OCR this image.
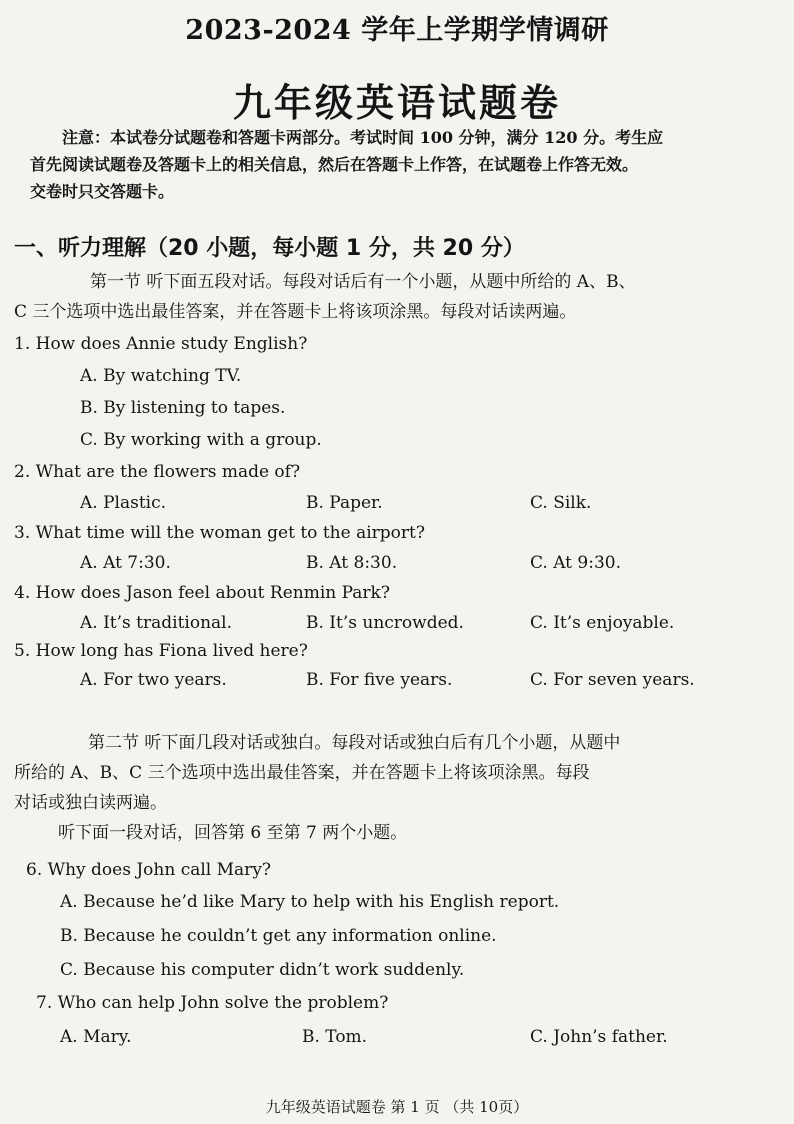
2023-2024 学年上学期学情调研
九年级英语试题卷
注意：本试卷分试题卷和答题卡两部分。考试时间 100 分钟，满分 120 分。考生应
首先阅读试题卷及答题卡上的相关信息，然后在答题卡上作答，在试题卷上作答无效。
交卷时只交答题卡。
一、听力理解（20 小题，每小题 1 分，共 20 分）
第一节 听下面五段对话。每段对话后有一个小题，从题中所给的 A、B、
C 三个选项中选出最佳答案，并在答题卡上将该项涂黑。每段对话读两遍。
1. How does Annie study English?
A. By watching TV.
B. By listening to tapes.
C. By working with a group.
2. What are the flowers made of?
A. Plastic.	B. Paper.	C. Silk.
3. What time will the woman get to the airport?
A. At 7:30.	B. At 8:30.	C. At 9:30.
4. How does Jason feel about Renmin Park?
A. It’s traditional.	B. It’s uncrowded.	C. It’s enjoyable.
5. How long has Fiona lived here?
A. For two years.	B. For five years.	C. For seven years.
第二节 听下面几段对话或独白。每段对话或独白后有几个小题，从题中
所给的 A、B、C 三个选项中选出最佳答案，并在答题卡上将该项涂黑。每段
对话或独白读两遍。
听下面一段对话，回答第 6 至第 7 两个小题。
6. Why does John call Mary?
A. Because he’d like Mary to help with his English report.
B. Because he couldn’t get any information online.
C. Because his computer didn’t work suddenly.
7. Who can help John solve the problem?
A. Mary.	B. Tom.	C. John’s father.
九年级英语试题卷 第 1 页 （共 10页）
